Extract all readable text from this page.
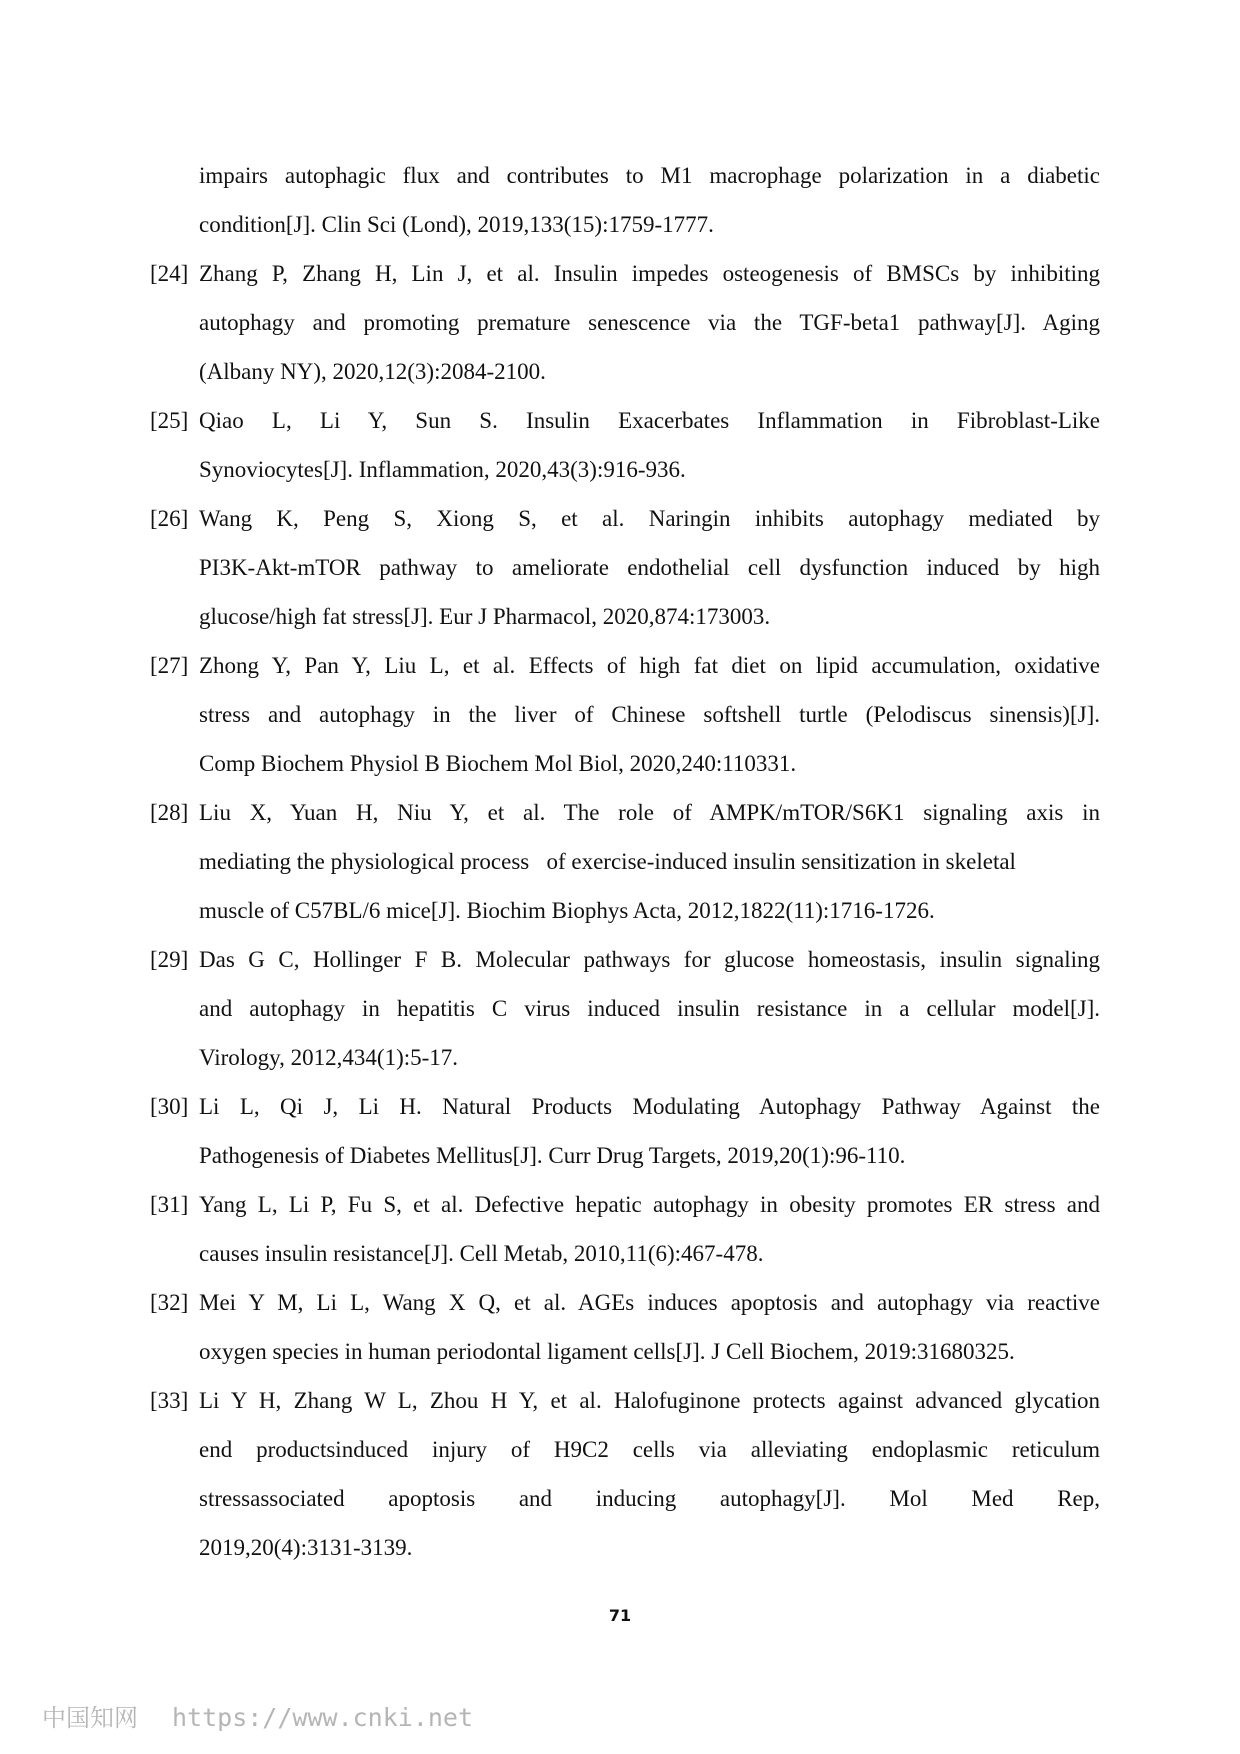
impairs autophagic flux and contributes to M1 macrophage polarization in a diabetic
condition[J]. Clin Sci (Lond), 2019,133(15):1759-1777.
[24] Zhang P, Zhang H, Lin J, et al. Insulin impedes osteogenesis of BMSCs by inhibiting
autophagy and promoting premature senescence via the TGF-beta1 pathway[J]. Aging
(Albany NY), 2020,12(3):2084-2100.
[25] Qiao L, Li Y, Sun S. Insulin Exacerbates Inflammation in Fibroblast-Like
Synoviocytes[J]. Inflammation, 2020,43(3):916-936.
[26] Wang K, Peng S, Xiong S, et al. Naringin inhibits autophagy mediated by
PI3K-Akt-mTOR pathway to ameliorate endothelial cell dysfunction induced by high
glucose/high fat stress[J]. Eur J Pharmacol, 2020,874:173003.
[27] Zhong Y, Pan Y, Liu L, et al. Effects of high fat diet on lipid accumulation, oxidative
stress and autophagy in the liver of Chinese softshell turtle (Pelodiscus sinensis)[J].
Comp Biochem Physiol B Biochem Mol Biol, 2020,240:110331.
[28] Liu X, Yuan H, Niu Y, et al. The role of AMPK/mTOR/S6K1 signaling axis in
mediating the physiological process   of exercise-induced insulin sensitization in skeletal
muscle of C57BL/6 mice[J]. Biochim Biophys Acta, 2012,1822(11):1716-1726.
[29] Das G C, Hollinger F B. Molecular pathways for glucose homeostasis, insulin signaling
and autophagy in hepatitis C virus induced insulin resistance in a cellular model[J].
Virology, 2012,434(1):5-17.
[30] Li L, Qi J, Li H. Natural Products Modulating Autophagy Pathway Against the
Pathogenesis of Diabetes Mellitus[J]. Curr Drug Targets, 2019,20(1):96-110.
[31] Yang L, Li P, Fu S, et al. Defective hepatic autophagy in obesity promotes ER stress and
causes insulin resistance[J]. Cell Metab, 2010,11(6):467-478.
[32] Mei Y M, Li L, Wang X Q, et al. AGEs induces apoptosis and autophagy via reactive
oxygen species in human periodontal ligament cells[J]. J Cell Biochem, 2019:31680325.
[33] Li Y H, Zhang W L, Zhou H Y, et al. Halofuginone protects against advanced glycation
end productsinduced injury of H9C2 cells via alleviating endoplasmic reticulum
stressassociated apoptosis and inducing autophagy[J]. Mol Med Rep,
2019,20(4):3131-3139.
71
中国知网 https://www.cnki.net
